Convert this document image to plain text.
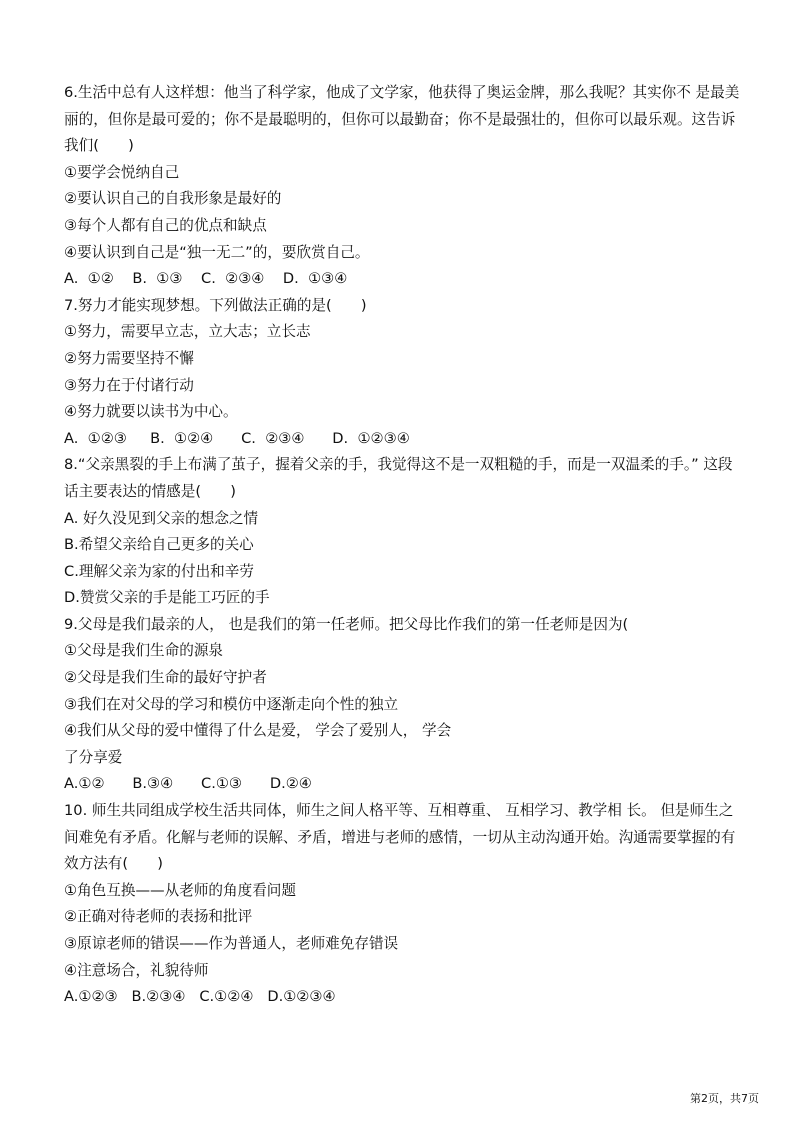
6.生活中总有人这样想：他当了科学家，他成了文学家，他获得了奥运金牌，那么我呢？其实你不 是最美丽的，但你是最可爱的；你不是最聪明的，但你可以最勤奋；你不是最强壮的，但你可以最乐观。这告诉我们(　　)
①要学会悦纳自己
②要认识自己的自我形象是最好的
③每个人都有自己的优点和缺点
④要认识到自己是“独一无二”的，要欣赏自己。
A.  ①②    B.  ①③    C.  ②③④    D.  ①③④
7.努力才能实现梦想。下列做法正确的是(　　)
①努力，需要早立志，立大志；立长志
②努力需要坚持不懈
③努力在于付诸行动
④努力就要以读书为中心。
A.  ①②③     B.  ①②④      C.  ②③④      D.  ①②③④
8.“父亲黑裂的手上布满了茧子，握着父亲的手，我觉得这不是一双粗糙的手，而是一双温柔的手。” 这段话主要表达的情感是(　　)
A. 好久没见到父亲的想念之情
B.希望父亲给自己更多的关心
C.理解父亲为家的付出和辛劳
D.赞赏父亲的手是能工巧匠的手
9.父母是我们最亲的人， 也是我们的第一任老师。把父母比作我们的第一任老师是因为(
①父母是我们生命的源泉
②父母是我们生命的最好守护者
③我们在对父母的学习和模仿中逐渐走向个性的独立
④我们从父母的爱中懂得了什么是爱， 学会了爱别人， 学会
了分享爱
A.①②      B.③④      C.①③      D.②④
10. 师生共同组成学校生活共同体，师生之间人格平等、互相尊重、 互相学习、教学相 长。 但是师生之间难免有矛盾。化解与老师的误解、矛盾，增进与老师的感情，一切从主动沟通开始。沟通需要掌握的有效方法有(　　)
①角色互换——从老师的角度看问题
②正确对待老师的表扬和批评
③原谅老师的错误——作为普通人，老师难免存错误
④注意场合，礼貌待师
A.①②③   B.②③④   C.①②④   D.①②③④
第2页，共7页
